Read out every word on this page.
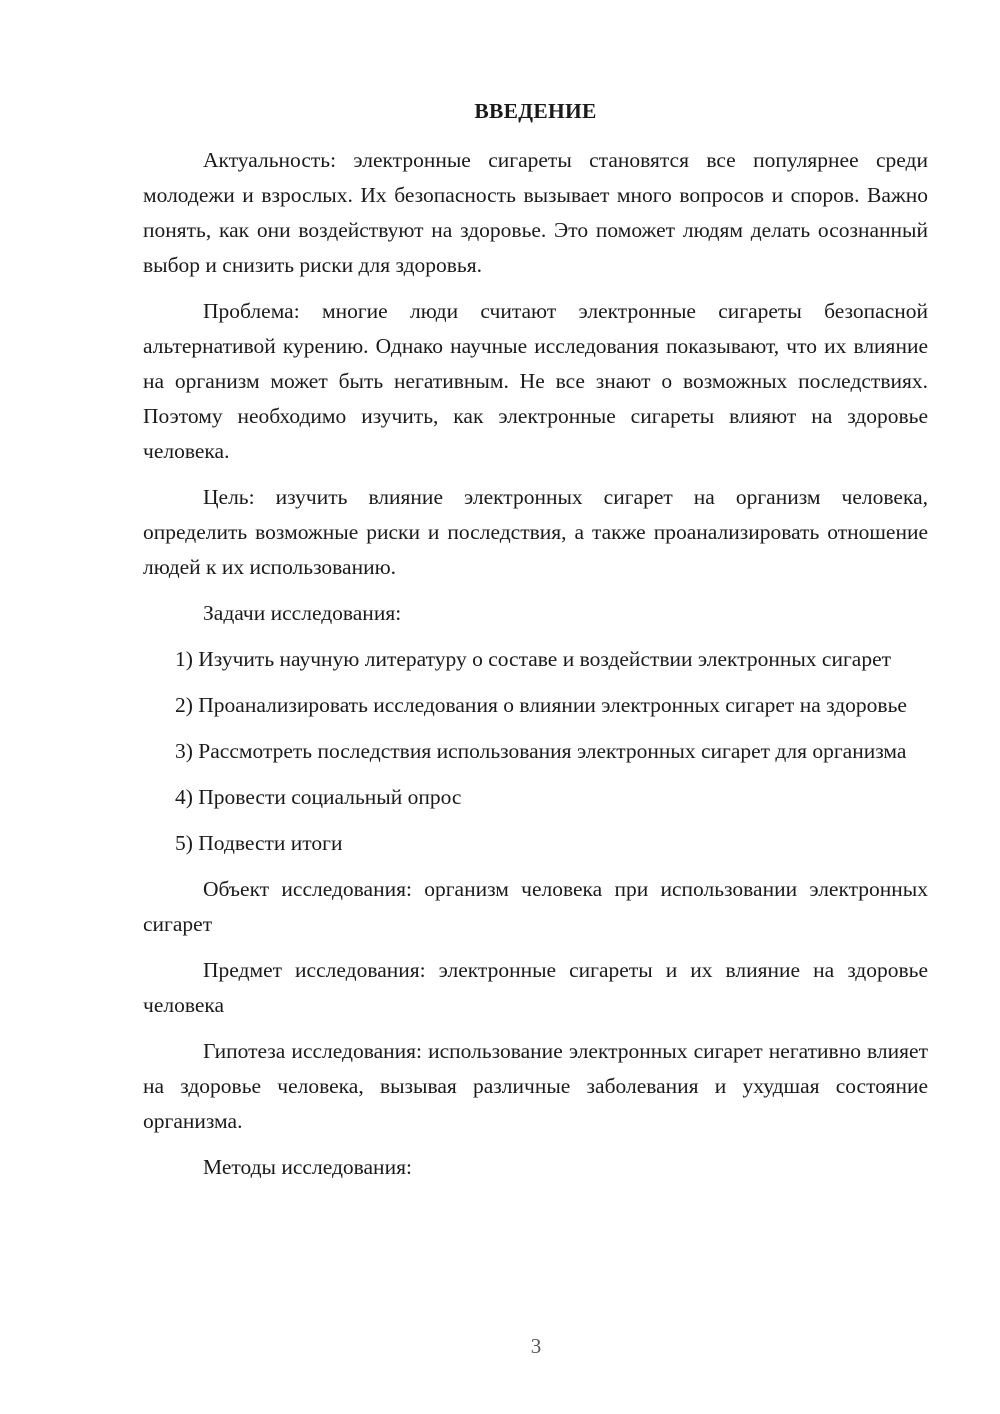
ВВЕДЕНИЕ

Актуальность: электронные сигареты становятся все популярнее среди молодежи и взрослых. Их безопасность вызывает много вопросов и споров. Важно понять, как они воздействуют на здоровье. Это поможет людям делать осознанный выбор и снизить риски для здоровья.

Проблема: многие люди считают электронные сигареты безопасной альтернативой курению. Однако научные исследования показывают, что их влияние на организм может быть негативным. Не все знают о возможных последствиях. Поэтому необходимо изучить, как электронные сигареты влияют на здоровье человека.

Цель: изучить влияние электронных сигарет на организм человека, определить возможные риски и последствия, а также проанализировать отношение людей к их использованию.

Задачи исследования:

1) Изучить научную литературу о составе и воздействии электронных сигарет

2) Проанализировать исследования о влиянии электронных сигарет на здоровье

3) Рассмотреть последствия использования электронных сигарет для организма

4) Провести социальный опрос

5) Подвести итоги

Объект исследования: организм человека при использовании электронных сигарет

Предмет исследования: электронные сигареты и их влияние на здоровье человека

Гипотеза исследования: использование электронных сигарет негативно влияет на здоровье человека, вызывая различные заболевания и ухудшая состояние организма.

Методы исследования:

3
